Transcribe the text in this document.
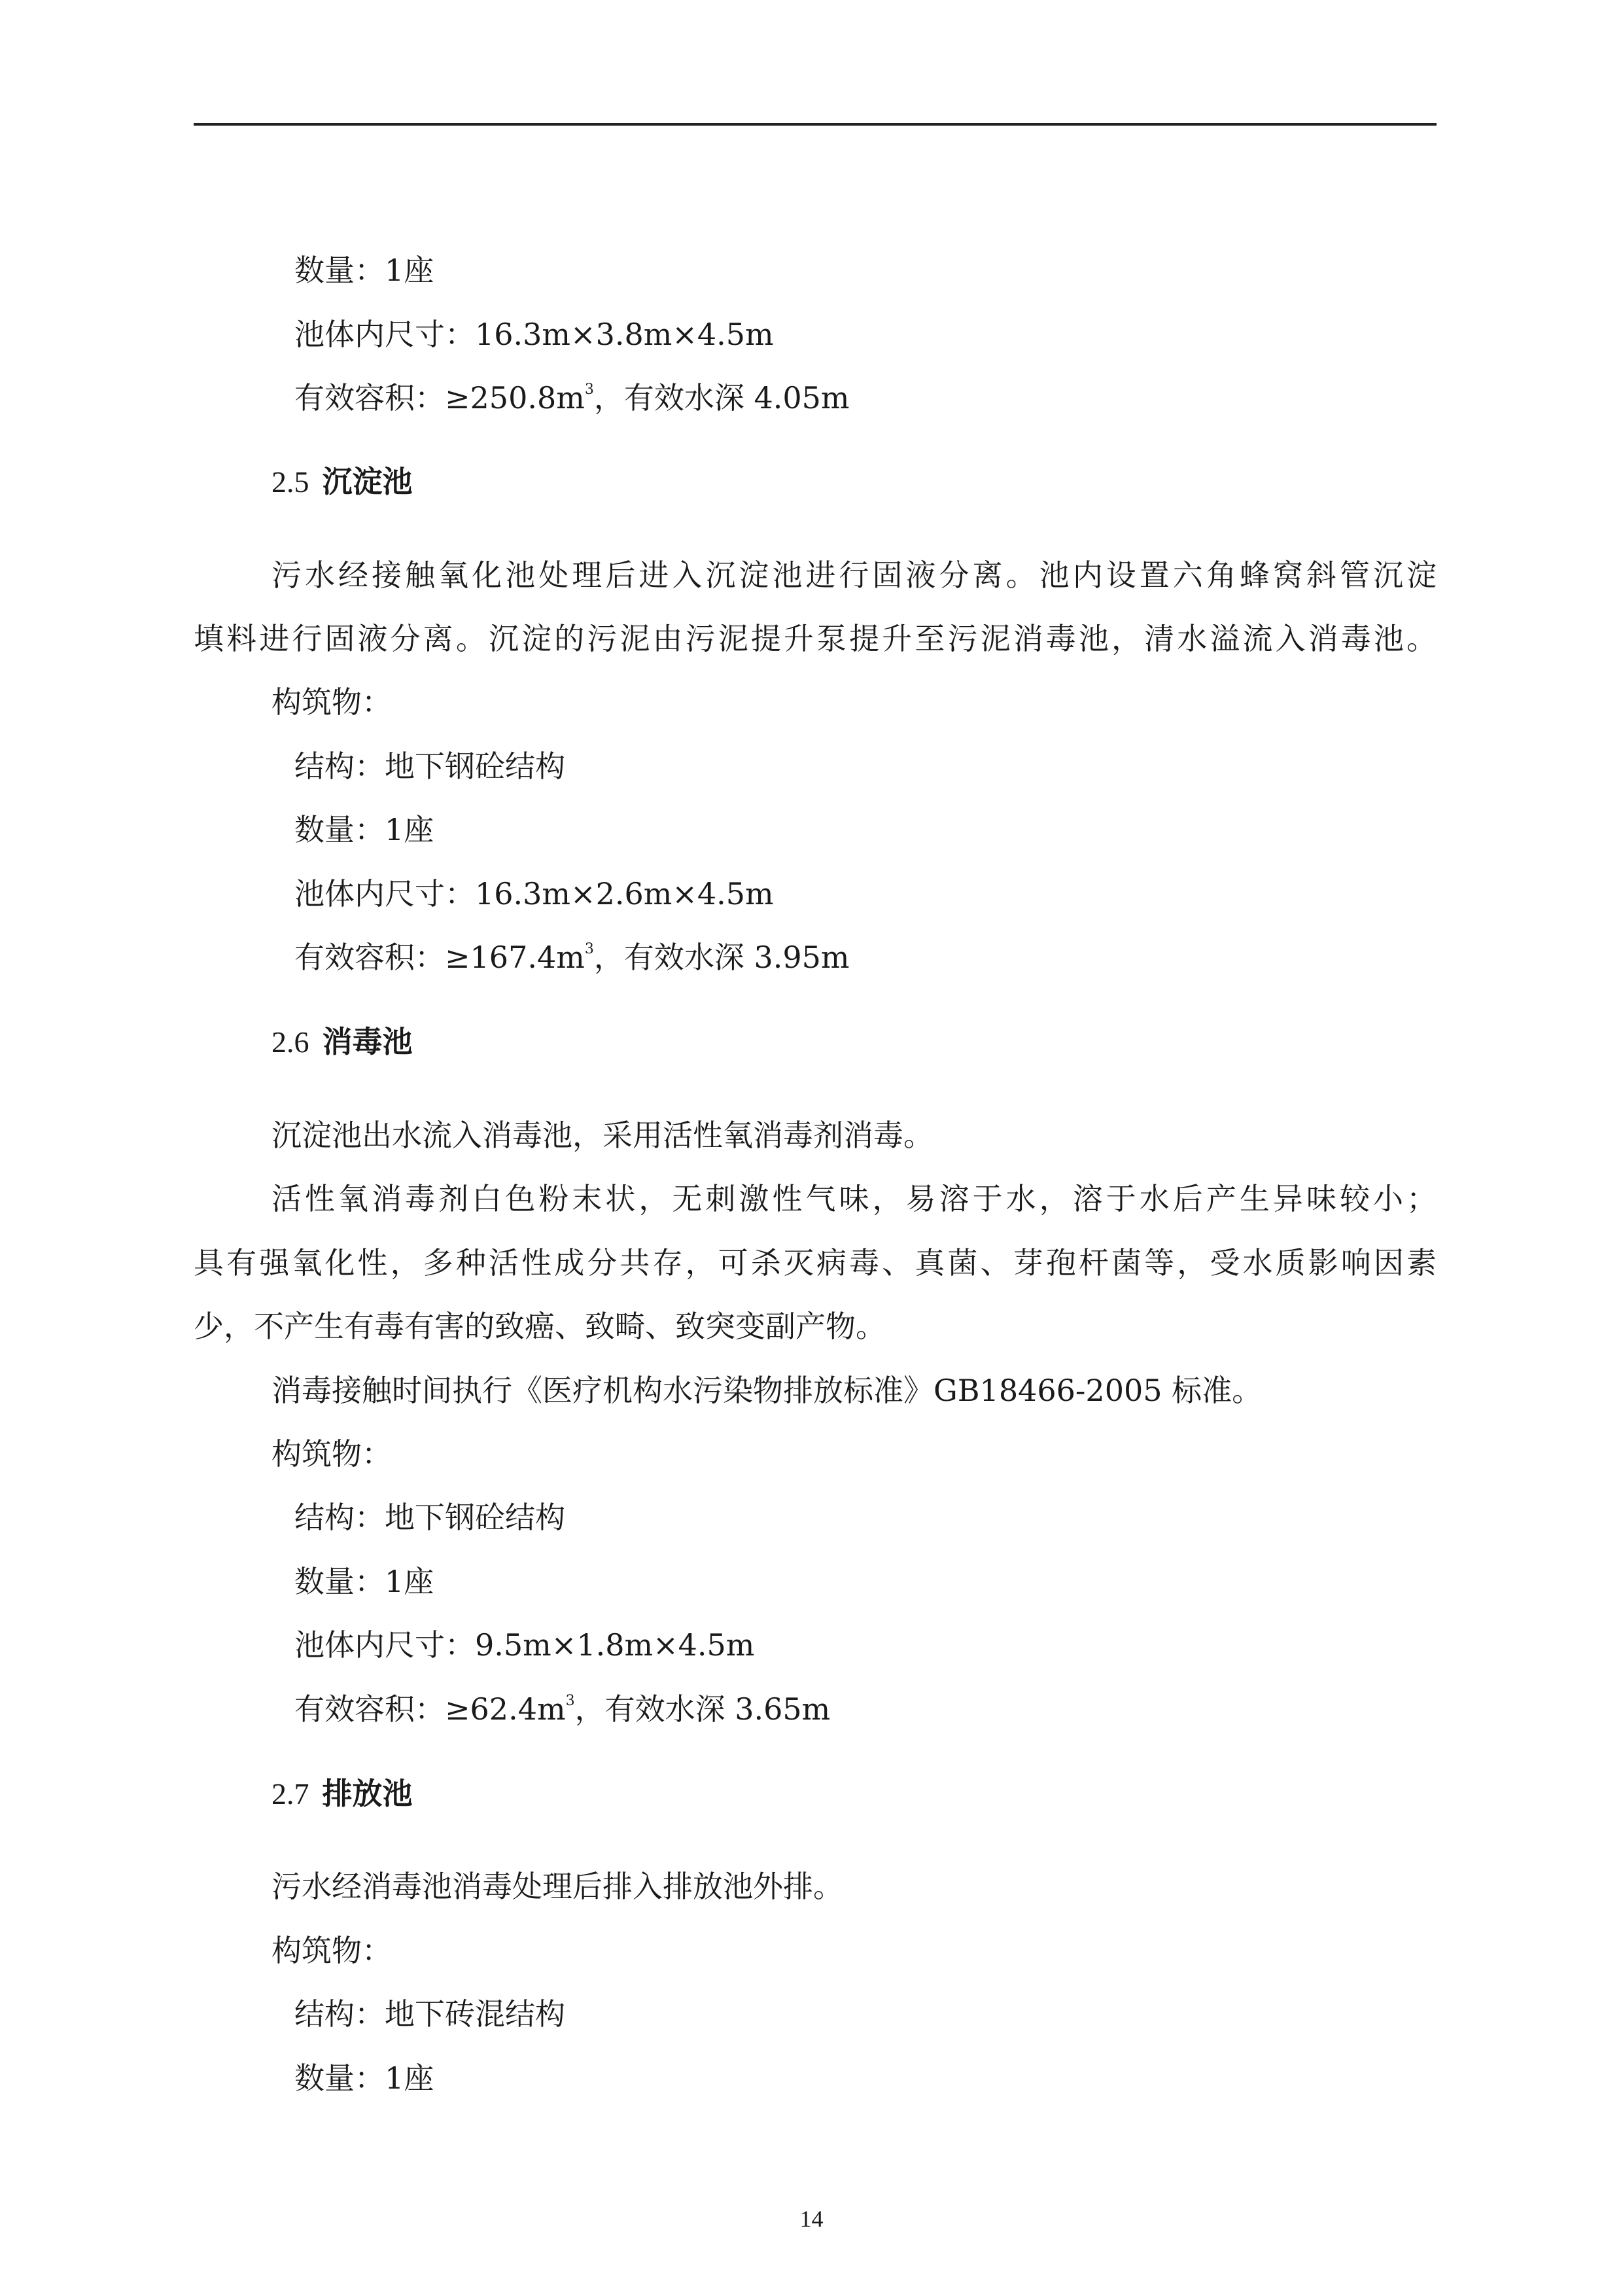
数量：1座
池体内尺寸：16.3m×3.8m×4.5m
有效容积：$\ge 250.8m^3$，有效水深 4.05m
2.5 沉淀池
污水经接触氧化池处理后进入沉淀池进行固液分离。池内设置六角蜂窝斜管沉淀
填料进行固液分离。沉淀的污泥由污泥提升泵提升至污泥消毒池，清水溢流入消毒池。
构筑物：
结构：地下钢砼结构
数量：1座
池体内尺寸：16.3m×2.6m×4.5m
有效容积：$\ge 167.4m^3$，有效水深 3.95m
2.6 消毒池
沉淀池出水流入消毒池，采用活性氧消毒剂消毒。
活性氧消毒剂白色粉末状，无刺激性气味，易溶于水，溶于水后产生异味较小；
具有强氧化性，多种活性成分共存，可杀灭病毒、真菌、芽孢杆菌等，受水质影响因素
少，不产生有毒有害的致癌、致畸、致突变副产物。
消毒接触时间执行《医疗机构水污染物排放标准》GB18466-2005 标准。
构筑物：
结构：地下钢砼结构
数量：1座
池体内尺寸：9.5m×1.8m×4.5m
有效容积：$\ge 62.4m^3$，有效水深 3.65m
2.7 排放池
污水经消毒池消毒处理后排入排放池外排。
构筑物：
结构：地下砖混结构
数量：1座
14
